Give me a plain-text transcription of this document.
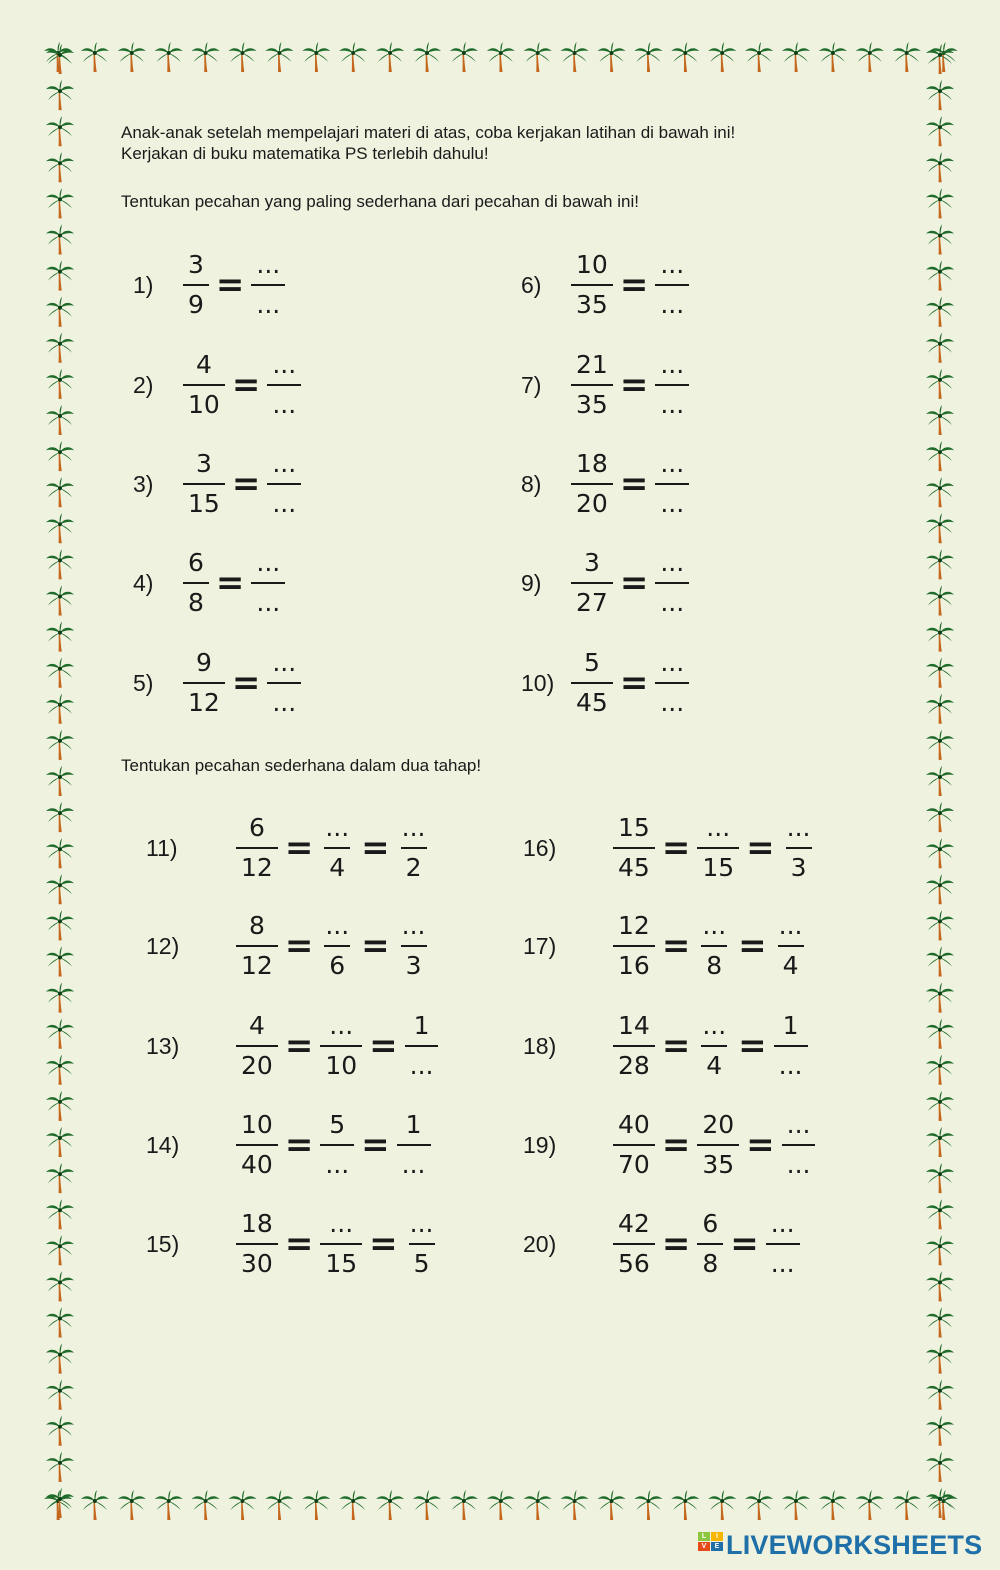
Anak-anak setelah mempelajari materi di atas, coba kerjakan latihan di bawah ini!

Kerjakan di buku matematika PS terlebih dahulu!

Tentukan pecahan yang paling sederhana dari pecahan di bawah ini!
1)	$\frac{3}{9} = \frac{...}{...}$
2)	$\frac{4}{10} = \frac{...}{...}$
3)	$\frac{3}{15} = \frac{...}{...}$
4)	$\frac{6}{8} = \frac{...}{...}$
5)	$\frac{9}{12} = \frac{...}{...}$
6)	$\frac{10}{35} = \frac{...}{...}$
7)	$\frac{21}{35} = \frac{...}{...}$
8)	$\frac{18}{20} = \frac{...}{...}$
9)	$\frac{3}{27} = \frac{...}{...}$
$10) \frac{5}{45} = \frac{...}{...}$
Tentukan pecahan sederhana dalam dua tahap!
11)	$\frac{6}{12} = \frac{...}{4} = \frac{...}{2}$
12)	$\frac{8}{12} = \frac{...}{6} = \frac{...}{3}$
13)	$\frac{4}{20} = \frac{...}{10} = \frac{1}{...}$
14)	$\frac{10}{40} = \frac{5}{...} = \frac{1}{...}$
15)	$\frac{18}{30} = \frac{...}{15} = \frac{...}{5}$
16)	$\frac{15}{45} = \frac{...}{15} = \frac{...}{3}$
17)	$\frac{12}{16} = \frac{...}{8} = \frac{...}{4}$
18)	$\frac{14}{28} = \frac{...}{4} = \frac{1}{...}$
19)	$\frac{40}{70} = \frac{20}{35} = \frac{...}{...}$
20)	$\frac{42}{56} = \frac{6}{8} = \frac{...}{...}$
L	I
V	E LIVEWORKSHEETS
